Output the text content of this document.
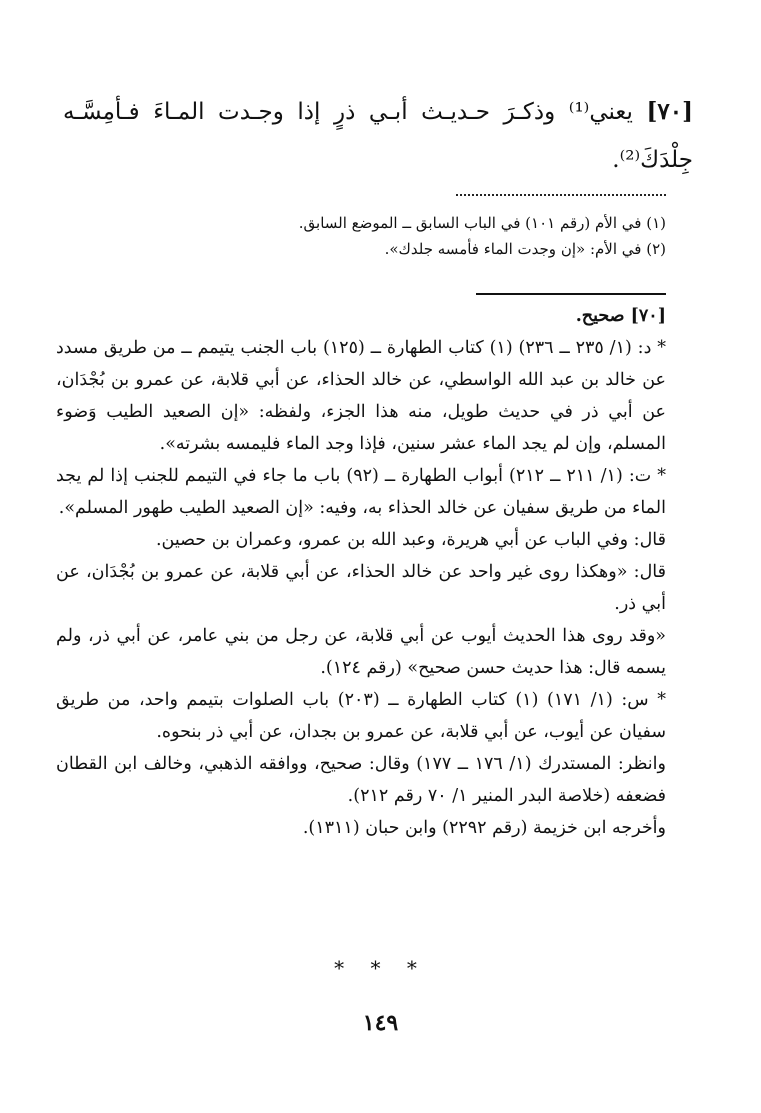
[٧٠] يعني⁽¹⁾ وذكـرَ حـديـث أبـي ذرٍ إذا وجـدت المـاءَ فـأمِسَّـه جِلْدَكَ⁽²⁾.
(١) في الأم (رقم ١٠١) في الباب السابق ــ الموضع السابق.
(٢) في الأم: «إن وجدت الماء فأمسه جلدك».

[٧٠] صحيح.

* د: (١/ ٢٣٥ ــ ٢٣٦) (١) كتاب الطهارة ــ (١٢٥) باب الجنب يتيمم ــ من طريق مسدد عن خالد بن عبد الله الواسطي، عن خالد الحذاء، عن أبي قلابة، عن عمرو بن بُجْدَان، عن أبي ذر في حديث طويل، منه هذا الجزء، ولفظه: «إن الصعيد الطيب وَضوء المسلم، وإن لم يجد الماء عشر سنين، فإذا وجد الماء فليمسه بشرته».

* ت: (١/ ٢١١ ــ ٢١٢) أبواب الطهارة ــ (٩٢) باب ما جاء في التيمم للجنب إذا لم يجد الماء من طريق سفيان عن خالد الحذاء به، وفيه: «إن الصعيد الطيب طهور المسلم».

قال: وفي الباب عن أبي هريرة، وعبد الله بن عمرو، وعمران بن حصين.

قال: «وهكذا روى غير واحد عن خالد الحذاء، عن أبي قلابة، عن عمرو بن بُجْدَان، عن أبي ذر.

«وقد روى هذا الحديث أيوب عن أبي قلابة، عن رجل من بني عامر، عن أبي ذر، ولم يسمه قال: هذا حديث حسن صحيح» (رقم ١٢٤).

* س: (١/ ١٧١) (١) كتاب الطهارة ــ (٢٠٣) باب الصلوات بتيمم واحد، من طريق سفيان عن أيوب، عن أبي قلابة، عن عمرو بن بجدان، عن أبي ذر بنحوه.

وانظر: المستدرك (١/ ١٧٦ ــ ١٧٧) وقال: صحيح، ووافقه الذهبي، وخالف ابن القطان فضعفه (خلاصة البدر المنير ١/ ٧٠ رقم ٢١٢).

وأخرجه ابن خزيمة (رقم ٢٢٩٢) وابن حبان (١٣١١).

* * *
١٤٩
